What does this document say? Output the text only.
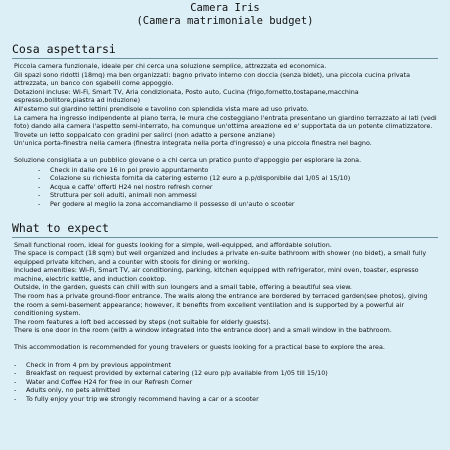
Camera Iris
(Camera matrimoniale budget)
Cosa aspettarsi

Piccola camera funzionale, ideale per chi cerca una soluzione semplice, attrezzata ed economica.

Gli spazi sono ridotti (18mq) ma ben organizzati: bagno privato interno con doccia (senza bidet), una piccola cucina privata attrezzata, un banco con sgabelli come appoggio.

Dotazioni incluse: Wi-Fi, Smart TV, Aria condizionata, Posto auto, Cucina (frigo,fornetto,tostapane,macchina espresso,bollitore,piastra ad induzione)

All'esterno sul giardino lettini prendisole e tavolino con splendida vista mare ad uso privato.

La camera ha ingresso indipendente al piano terra, le mura che costeggiano l'entrata presentano un giardino terrazzato ai lati (vedi foto) dando alla camera l'aspetto semi-interrato, ha comunque un'ottima areazione ed e' supportata da un potente climatizzatore.

Trovete un letto soppalcato con gradini per salirci (non adatto a persone anziane)

Un'unica porta-finestra nella camera (finestra integrata nella porta d'ingresso) e una piccola finestra nel bagno.

Soluzione consigliata a un pubblico giovane o a chi cerca un pratico punto d'appoggio per esplorare la zona.

- Check in dalle ore 16 in poi previo appuntamento
- Colazione su richiesta fornita da catering esterno (12 euro a p.p/disponibile dal 1/05 al 15/10)
- Acqua e caffe' offerti H24 nel nostro refresh corner
- Struttura per soli adulti, animali non ammessi
- Per godere al meglio la zona accomandiamo il possesso di un'auto o scooter
What to expect

Small functional room, ideal for guests looking for a simple, well-equipped, and affordable solution.

The space is compact (18 sqm) but well organized and includes a private en-suite bathroom with shower (no bidet), a small fully equipped private kitchen, and a counter with stools for dining or working.

Included amenities: Wi-Fi, Smart TV, air conditioning, parking, kitchen equipped with refrigerator, mini oven, toaster, espresso machine, electric kettle, and induction cooktop.

Outside, in the garden, guests can chill with sun loungers and a small table, offering a beautiful sea view.

The room has a private ground-floor entrance. The walls along the entrance are bordered by terraced garden(see photos), giving the room a semi-basement appearance; however, it benefits from excellent ventilation and is supported by a powerful air conditioning system.

The room features a loft bed accessed by steps (not suitable for elderly guests).

There is one door in the room (with a window integrated into the entrance door) and a small window in the bathroom.

This accommodation is recommended for young travelers or guests looking for a practical base to explore the area.

- Check in from 4 pm by previous appointment
- Breakfast on request provided by external catering (12 euro p/p available from 1/05 till 15/10)
- Water and Coffee H24 for free in our Refresh Corner
- Adults only, no pets allmitted
- To fully enjoy your trip we strongly recommend having a car or a scooter
